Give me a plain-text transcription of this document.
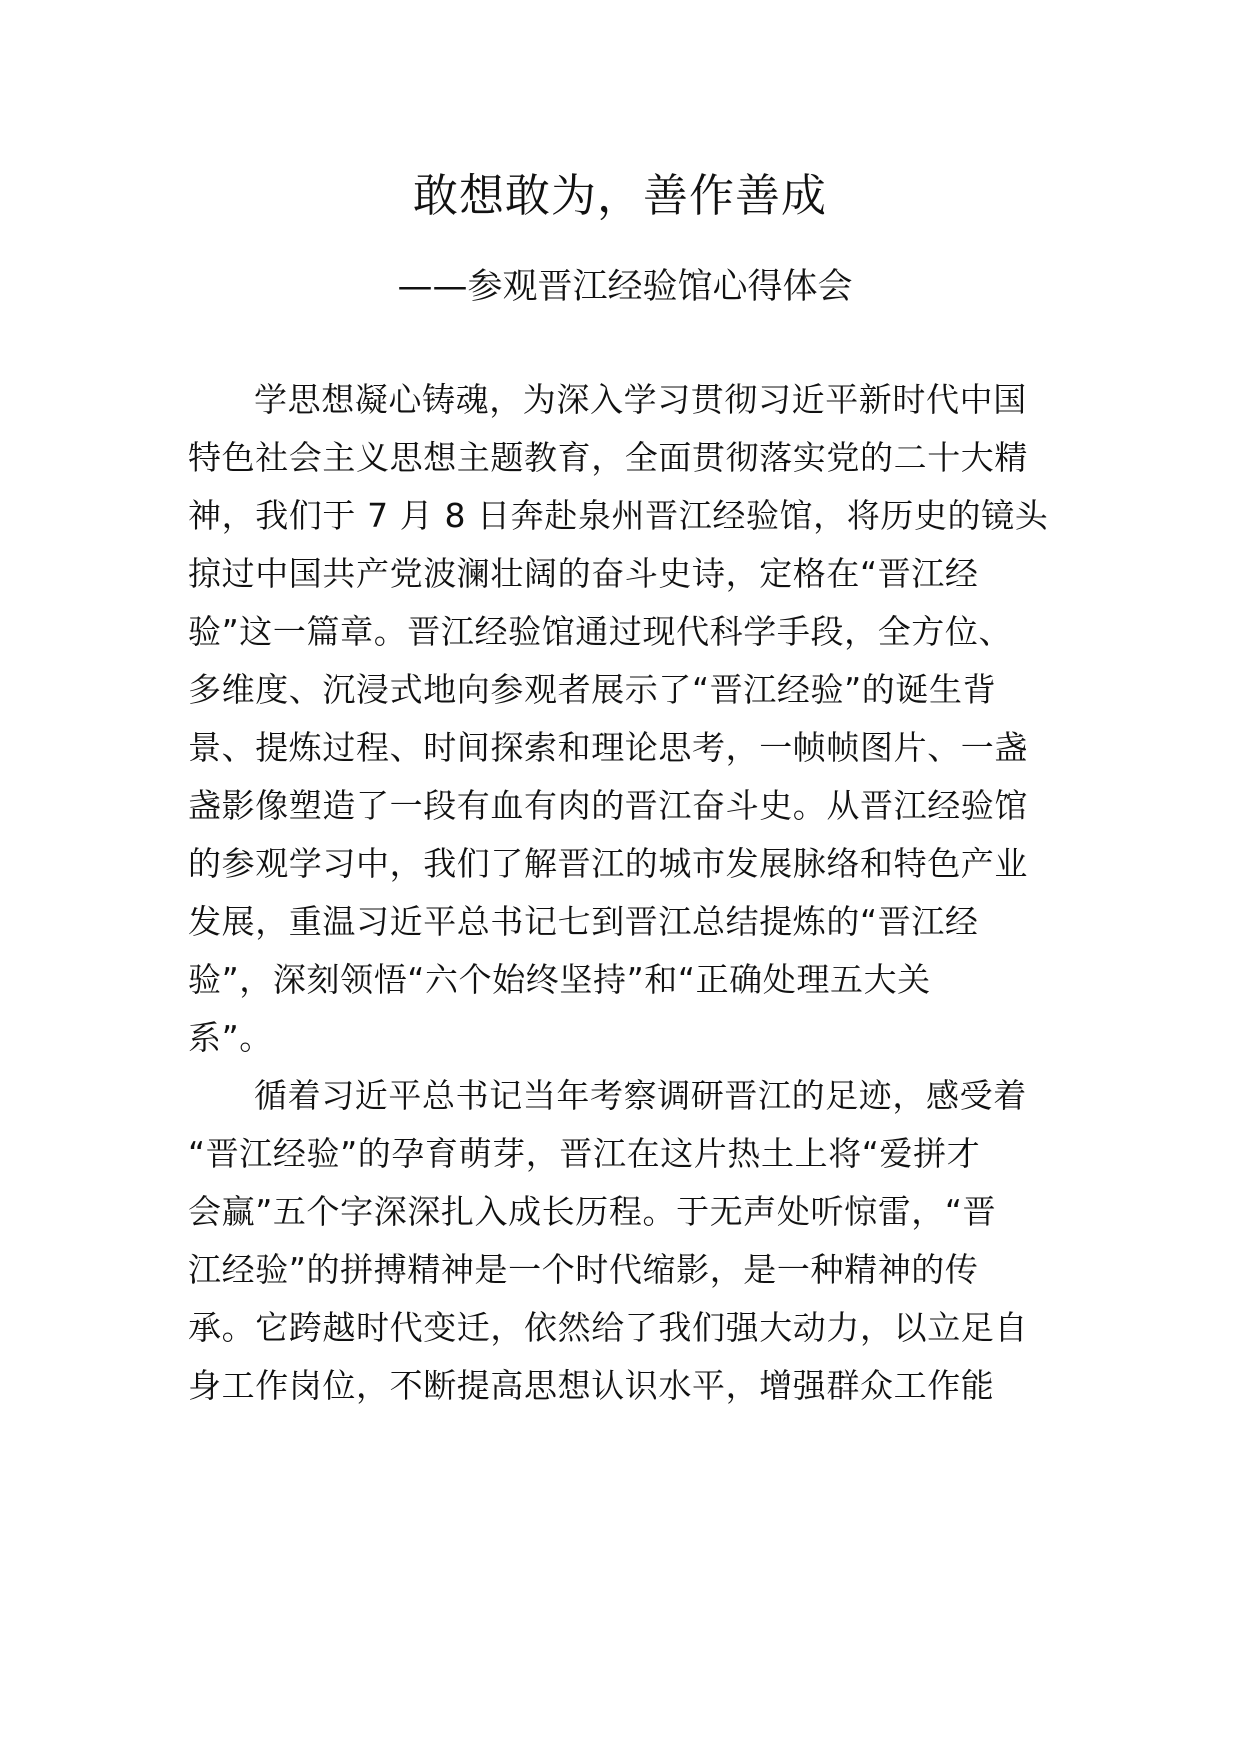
敢想敢为，善作善成
——参观晋江经验馆心得体会
学思想凝心铸魂，为深入学习贯彻习近平新时代中国
特色社会主义思想主题教育，全面贯彻落实党的二十大精
神，我们于 7 月 8 日奔赴泉州晋江经验馆，将历史的镜头
掠过中国共产党波澜壮阔的奋斗史诗，定格在“晋江经
验”这一篇章。晋江经验馆通过现代科学手段，全方位、
多维度、沉浸式地向参观者展示了“晋江经验”的诞生背
景、提炼过程、时间探索和理论思考，一帧帧图片、一盏
盏影像塑造了一段有血有肉的晋江奋斗史。从晋江经验馆
的参观学习中，我们了解晋江的城市发展脉络和特色产业
发展，重温习近平总书记七到晋江总结提炼的“晋江经
验”，深刻领悟“六个始终坚持”和“正确处理五大关
系”。
循着习近平总书记当年考察调研晋江的足迹，感受着
“晋江经验”的孕育萌芽，晋江在这片热土上将“爱拼才
会赢”五个字深深扎入成长历程。于无声处听惊雷，“晋
江经验”的拼搏精神是一个时代缩影，是一种精神的传
承。它跨越时代变迁，依然给了我们强大动力，以立足自
身工作岗位，不断提高思想认识水平，增强群众工作能
